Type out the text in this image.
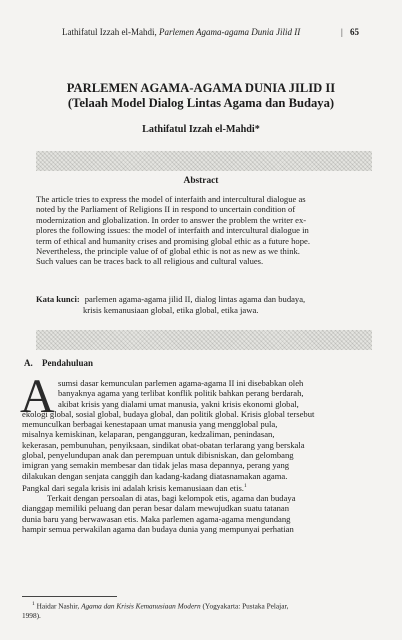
Lathifatul Izzah el-Mahdi, Parlemen Agama-agama Dunia Jilid II	| 65
PARLEMEN AGAMA-AGAMA DUNIA JILID II
(Telaah Model Dialog Lintas Agama dan Budaya)
Lathifatul Izzah el-Mahdi*
Abstract
The article tries to express the model of interfaith and intercultural dialogue as
noted by the Parliament of Religions II in respond to uncertain condition of
modernization and globalization. In order to answer the problem the writer ex-
plores the following issues: the model of interfaith and intercultural dialogue in
term of ethical and humanity crises and promising global ethic as a future hope.
Nevertheless, the principle value of of global ethic is not as new as we think.
Such values can be traces back to all religious and cultural values.
Kata kunci: parlemen agama-agama jilid II, dialog lintas agama dan budaya,
krisis kemanusiaan global, etika global, etika jawa.
A. Pendahuluan
A sumsi dasar kemunculan parlemen agama-agama II ini disebabkan oleh
banyaknya agama yang terlibat konflik politik bahkan perang berdarah,
akibat krisis yang dialami umat manusia, yakni krisis ekonomi global,
ekologi global, sosial global, budaya global, dan politik global. Krisis global tersebut
memunculkan berbagai kenestapaan umat manusia yang mengglobal pula,
misalnya kemiskinan, kelaparan, pengangguran, kedzaliman, penindasan,
kekerasan, pembunuhan, penyiksaan, sindikat obat-obatan terlarang yang berskala
global, penyelundupan anak dan perempuan untuk dibisniskan, dan gelombang
imigran yang semakin membesar dan tidak jelas masa depannya, perang yang
dilakukan dengan senjata canggih dan kadang-kadang diatasnamakan agama.
Pangkal dari segala krisis ini adalah krisis kemanusiaan dan etis.$^1$
Terkait dengan persoalan di atas, bagi kelompok etis, agama dan budaya
dianggap memiliki peluang dan peran besar dalam mewujudkan suatu tatanan
dunia baru yang berwawasan etis. Maka parlemen agama-agama mengundang
hampir semua perwakilan agama dan budaya dunia yang mempunyai perhatian
$^1$ Haidar Nashir, Agama dan Krisis Kemanusiaan Modern (Yogyakarta: Pustaka Pelajar,
1998).
